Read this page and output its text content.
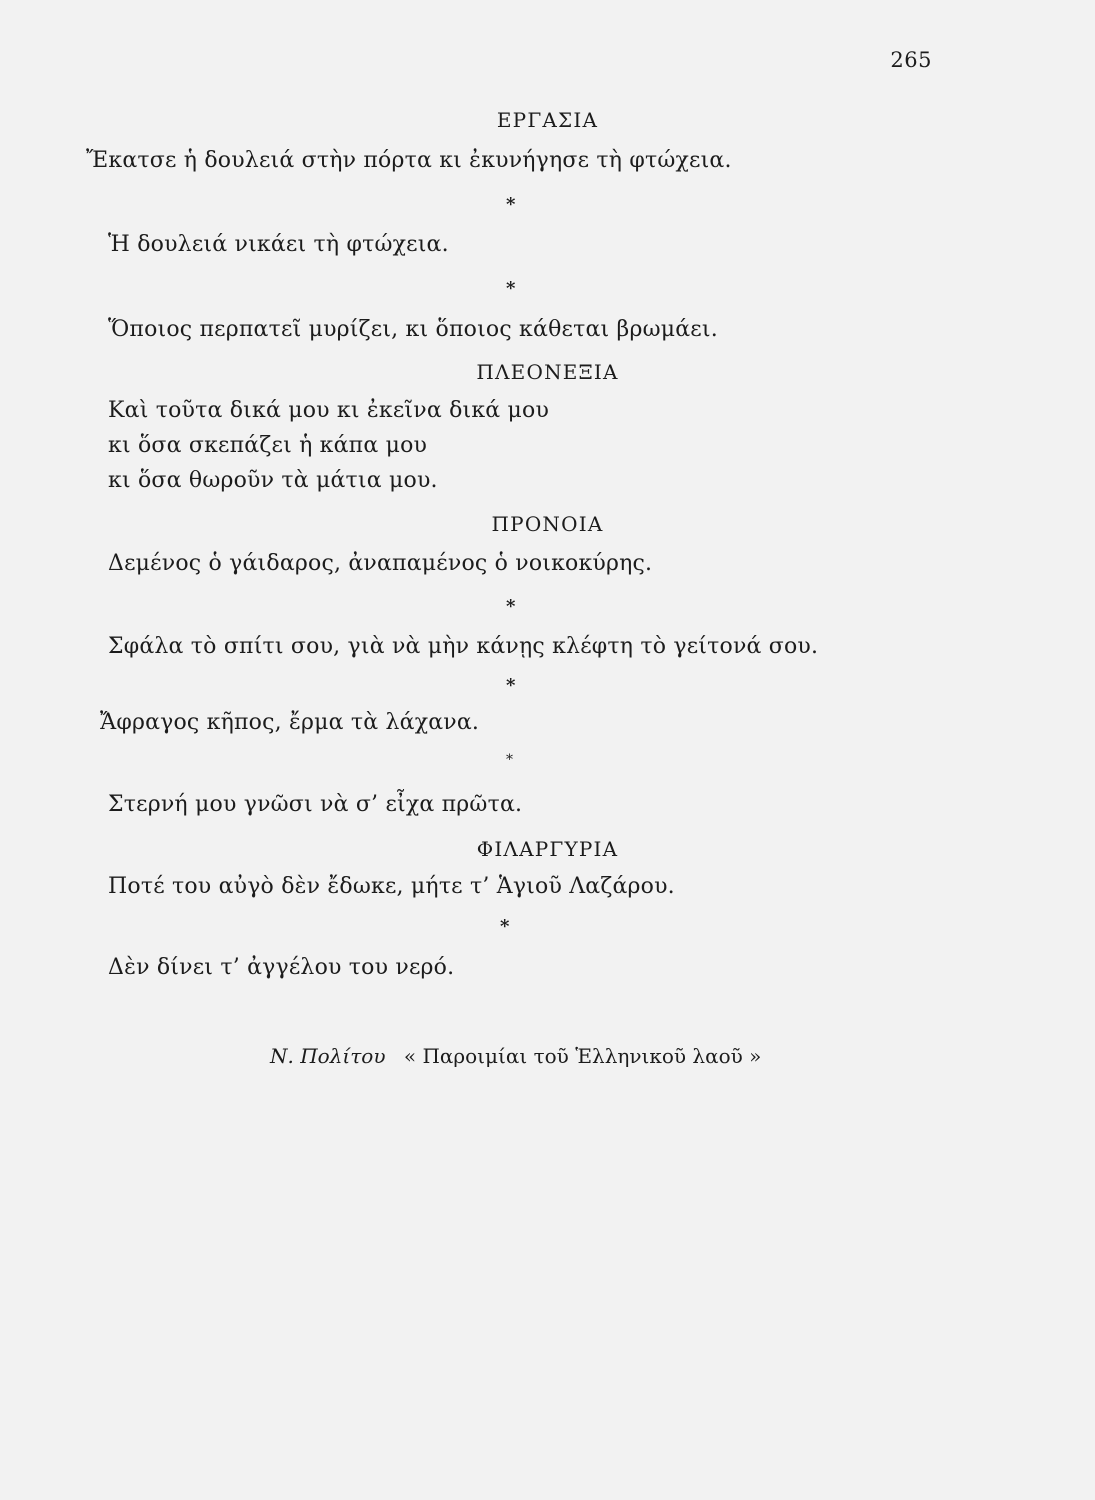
265
ΕΡΓΑΣΙΑ
Ἔκατσε ἡ δουλειά στὴν πόρτα κι ἐκυνήγησε τὴ φτώχεια.
*
Ἡ δουλειά νικάει τὴ φτώχεια.
*
Ὅποιος περπατεῖ μυρίζει, κι ὅποιος κάθεται βρωμάει.
ΠΛΕΟΝΕΞΙΑ
Καὶ τοῦτα δικά μου κι ἐκεῖνα δικά μου
κι ὅσα σκεπάζει ἡ κάπα μου
κι ὅσα θωροῦν τὰ μάτια μου.
ΠΡΟΝΟΙΑ
Δεμένος ὁ γάιδαρος, ἀναπαμένος ὁ νοικοκύρης.
*
Σφάλα τὸ σπίτι σου, γιὰ νὰ μὴν κάνῃς κλέφτη τὸ γείτονά σου.
*
Ἄφραγος κῆπος, ἔρμα τὰ λάχανα.
*
Στερνή μου γνῶσι νὰ σ’ εἶχα πρῶτα.
ΦΙΛΑΡΓΥΡΙΑ
Ποτέ του αὐγὸ δὲν ἔδωκε, μήτε τ’ Ἁγιοῦ Λαζάρου.
*
Δὲν δίνει τ’ ἀγγέλου του νερό.
Ν. Πολίτου « Παροιμίαι τοῦ Ἑλληνικοῦ λαοῦ »
